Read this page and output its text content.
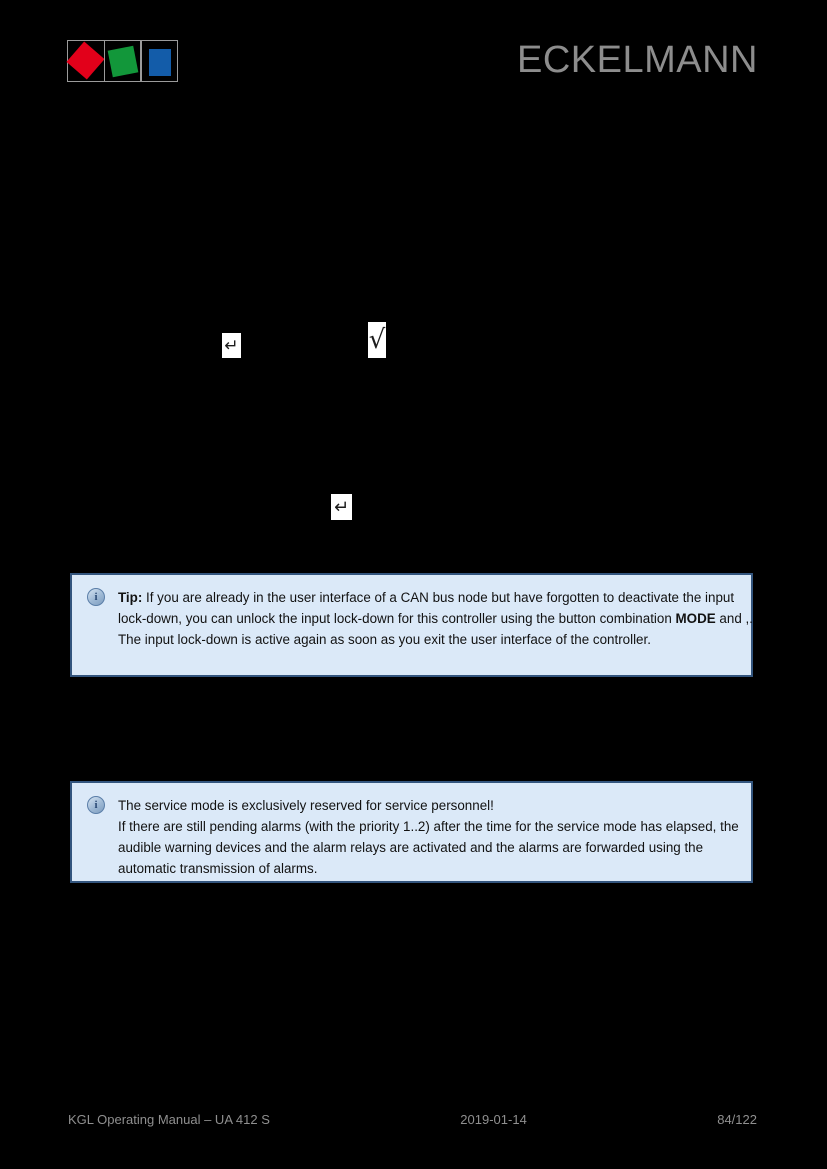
ECKELMANN
↵	√
↵
i	Tip: If you are already in the user interface of a CAN bus node but have forgotten to deactivate the input lock-down, you can unlock the input lock-down for this controller using the button combination MODE and ,. The input lock-down is active again as soon as you exit the user interface of the controller.
i	The service mode is exclusively reserved for service personnel!
If there are still pending alarms (with the priority 1..2) after the time for the service mode has elapsed, the audible warning devices and the alarm relays are activated and the alarms are forwarded using the automatic transmission of alarms.
KGL Operating Manual – UA 412 S	2019-01-14	84/122
